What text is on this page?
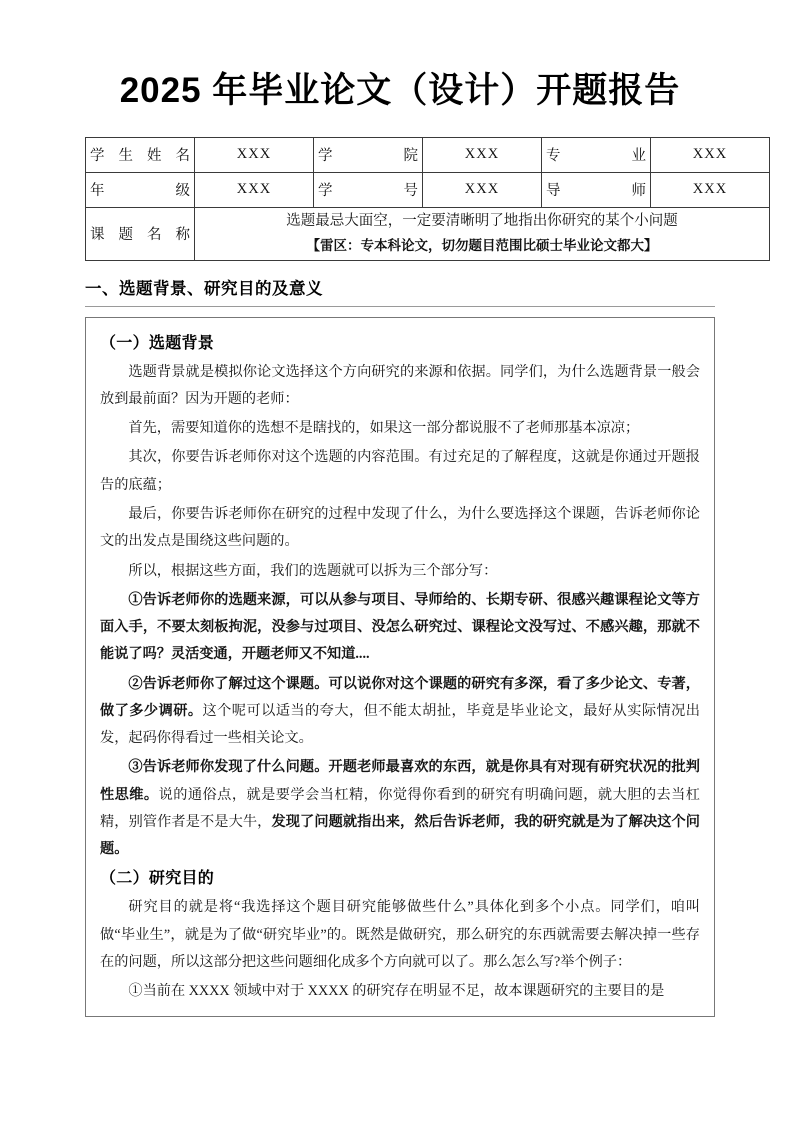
2025 年毕业论文（设计）开题报告
学生姓名	XXX	学院	XXX	专业	XXX
年级	XXX	学号	XXX	导师	XXX
课题名称	选题最忌大面空，一定要清晰明了地指出你研究的某个小问题
【雷区：专本科论文，切勿题目范围比硕士毕业论文都大】				
一、选题背景、研究目的及意义
（一）选题背景

选题背景就是模拟你论文选择这个方向研究的来源和依据。同学们，为什么选题背景一般会放到最前面？因为开题的老师：

首先，需要知道你的选想不是瞎找的，如果这一部分都说服不了老师那基本凉凉；

其次，你要告诉老师你对这个选题的内容范围。有过充足的了解程度，这就是你通过开题报告的底蕴；

最后，你要告诉老师你在研究的过程中发现了什么，为什么要选择这个课题，告诉老师你论文的出发点是围绕这些问题的。

所以，根据这些方面，我们的选题就可以拆为三个部分写：

①告诉老师你的选题来源，可以从参与项目、导师给的、长期专研、很感兴趣课程论文等方面入手，不要太刻板拘泥，没参与过项目、没怎么研究过、课程论文没写过、不感兴趣，那就不能说了吗？灵活变通，开题老师又不知道....

②告诉老师你了解过这个课题。可以说你对这个课题的研究有多深，看了多少论文、专著，做了多少调研。这个呢可以适当的夸大，但不能太胡扯，毕竟是毕业论文，最好从实际情况出发，起码你得看过一些相关论文。

③告诉老师你发现了什么问题。开题老师最喜欢的东西，就是你具有对现有研究状况的批判性思维。说的通俗点，就是要学会当杠精，你觉得你看到的研究有明确问题，就大胆的去当杠精，别管作者是不是大牛，发现了问题就指出来，然后告诉老师，我的研究就是为了解决这个问题。

（二）研究目的

研究目的就是将“我选择这个题目研究能够做些什么”具体化到多个小点。同学们，咱叫做“毕业生”，就是为了做“研究毕业”的。既然是做研究，那么研究的东西就需要去解决掉一些存在的问题，所以这部分把这些问题细化成多个方向就可以了。那么怎么写?举个例子：

①当前在 XXXX 领域中对于 XXXX 的研究存在明显不足，故本课题研究的主要目的是
